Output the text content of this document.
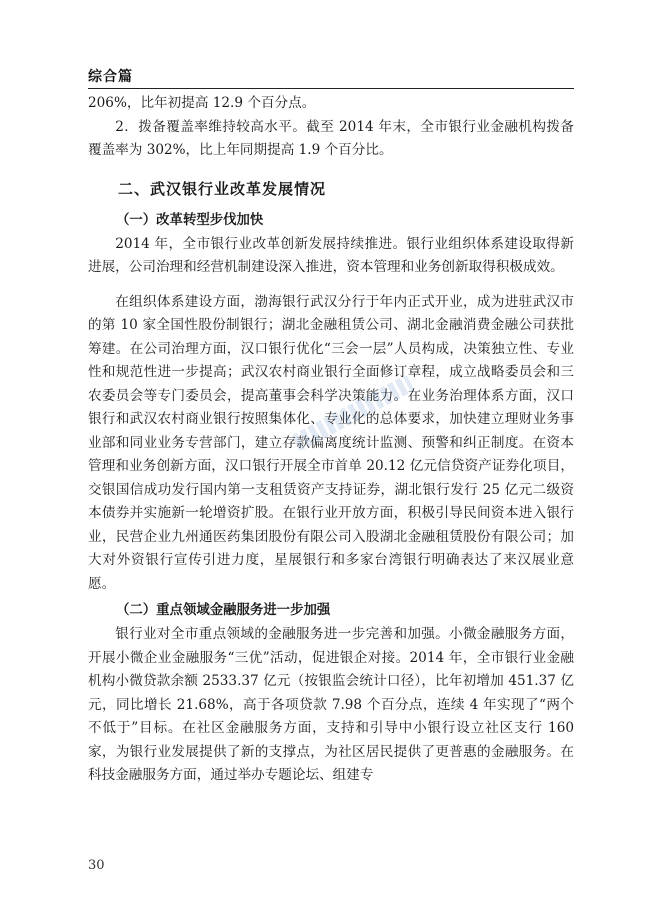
综合篇

206%，比年初提高 12.9 个百分点。

2．拨备覆盖率维持较高水平。截至 2014 年末，全市银行业金融机构拨备覆盖率为 302%，比上年同期提高 1.9 个百分比。

二、武汉银行业改革发展情况
（一）改革转型步伐加快

2014 年，全市银行业改革创新发展持续推进。银行业组织体系建设取得新进展，公司治理和经营机制建设深入推进，资本管理和业务创新取得积极成效。

在组织体系建设方面，渤海银行武汉分行于年内正式开业，成为进驻武汉市的第 10 家全国性股份制银行；湖北金融租赁公司、湖北金融消费金融公司获批筹建。在公司治理方面，汉口银行优化“三会一层”人员构成，决策独立性、专业性和规范性进一步提高；武汉农村商业银行全面修订章程，成立战略委员会和三农委员会等专门委员会，提高董事会科学决策能力。在业务治理体系方面，汉口银行和武汉农村商业银行按照集体化、专业化的总体要求，加快建立理财业务事业部和同业业务专营部门，建立存款偏离度统计监测、预警和纠正制度。在资本管理和业务创新方面，汉口银行开展全市首单 20.12 亿元信贷资产证券化项目，交银国信成功发行国内第一支租赁资产支持证券，湖北银行发行 25 亿元二级资本债券并实施新一轮增资扩股。在银行业开放方面，积极引导民间资本进入银行业，民营企业九州通医药集团股份有限公司入股湖北金融租赁股份有限公司；加大对外资银行宣传引进力度，星展银行和多家台湾银行明确表达了来汉展业意愿。

（二）重点领域金融服务进一步加强

银行业对全市重点领域的金融服务进一步完善和加强。小微金融服务方面，开展小微企业金融服务“三优”活动，促进银企对接。2014 年，全市银行业金融机构小微贷款余额 2533.37 亿元（按银监会统计口径），比年初增加 451.37 亿元，同比增长 21.68%，高于各项贷款 7.98 个百分点，连续 4 年实现了“两个不低于”目标。在社区金融服务方面，支持和引导中小银行设立社区支行 160 家，为银行业发展提供了新的支撑点，为社区居民提供了更普惠的金融服务。在科技金融服务方面，通过举办专题论坛、组建专

30
